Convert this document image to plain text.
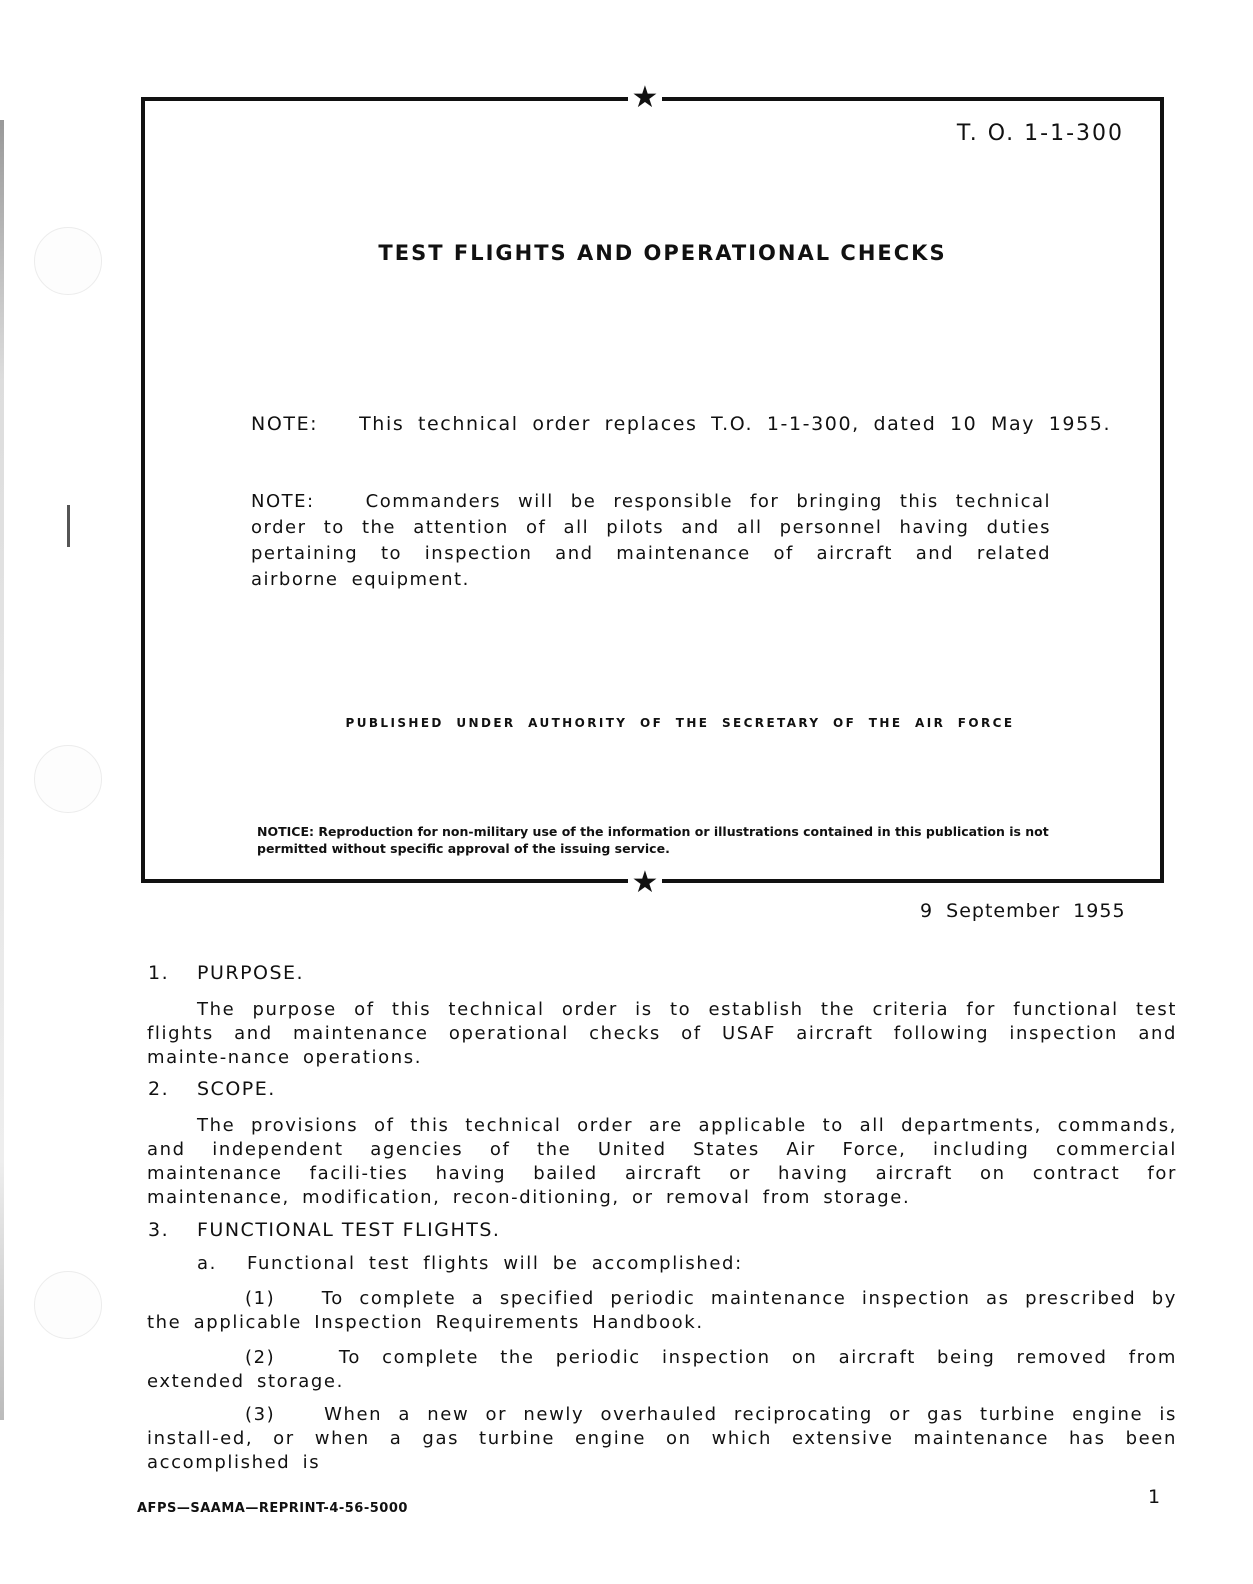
★
★
T. O. 1-1-300
TEST FLIGHTS AND OPERATIONAL CHECKS
NOTE:   This technical order replaces T.O. 1-1-300, dated 10 May 1955.
NOTE:   Commanders will be responsible for bringing this technical order to the attention of all pilots and all personnel having duties pertaining to inspection and maintenance of aircraft and related airborne equipment.
PUBLISHED UNDER AUTHORITY OF THE SECRETARY OF THE AIR FORCE
NOTICE: Reproduction for non-military use of the information or illustrations contained in this publication is not permitted without specific approval of the issuing service.
9 September 1955
1. PURPOSE.
The purpose of this technical order is to establish the criteria for functional test flights and maintenance operational checks of USAF aircraft following inspection and mainte-nance operations.
2. SCOPE.
The provisions of this technical order are applicable to all departments, commands, and independent agencies of the United States Air Force, including commercial maintenance facili-ties having bailed aircraft or having aircraft on contract for maintenance, modification, recon-ditioning, or removal from storage.
3. FUNCTIONAL TEST FLIGHTS.
a. Functional test flights will be accomplished:
(1)	To complete a specified periodic maintenance inspection as prescribed by the applicable Inspection Requirements Handbook.
(2)	To complete the periodic inspection on aircraft being removed from extended storage.
(3)	When a new or newly overhauled reciprocating or gas turbine engine is install-ed, or when a gas turbine engine on which extensive maintenance has been accomplished is
AFPS—SAAMA—REPRINT-4-56-5000
1
